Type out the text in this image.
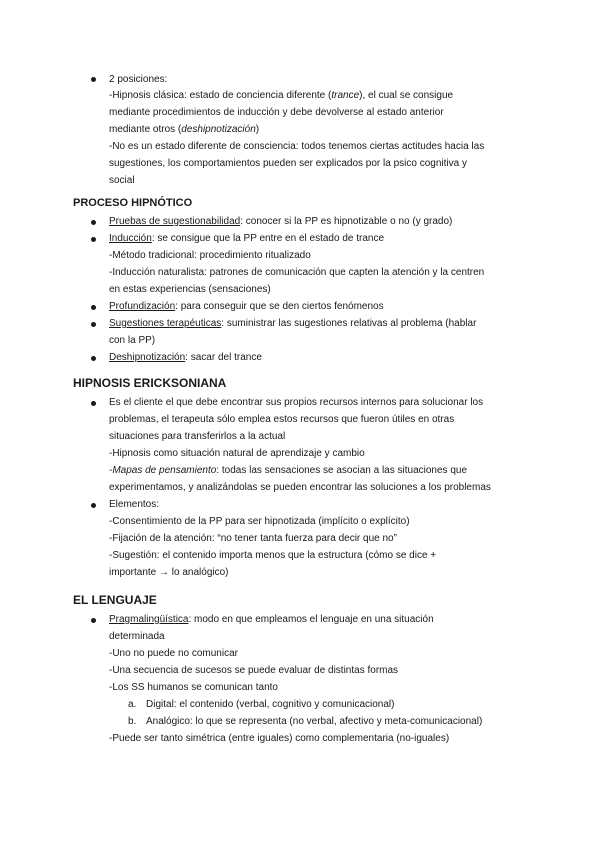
2 posiciones:
-Hipnosis clásica: estado de conciencia diferente (trance), el cual se consigue
mediante procedimientos de inducción y debe devolverse al estado anterior
mediante otros (deshipnotización)
-No es un estado diferente de consciencia: todos tenemos ciertas actitudes hacia las
sugestiones, los comportamientos pueden ser explicados por la psico cognitiva y
social
PROCESO HIPNÓTICO
Pruebas de sugestionabilidad: conocer si la PP es hipnotizable o no (y grado)
Inducción: se consigue que la PP entre en el estado de trance
-Método tradicional: procedimiento ritualizado
-Inducción naturalista: patrones de comunicación que capten la atención y la centren
en estas experiencias (sensaciones)
Profundización: para conseguir que se den ciertos fenómenos
Sugestiones terapéuticas: suministrar las sugestiones relativas al problema (hablar
con la PP)
Deshipnotización: sacar del trance
HIPNOSIS ERICKSONIANA
Es el cliente el que debe encontrar sus propios recursos internos para solucionar los
problemas, el terapeuta sólo emplea estos recursos que fueron útiles en otras
situaciones para transferirlos a la actual
-Hipnosis como situación natural de aprendizaje y cambio
-Mapas de pensamiento: todas las sensaciones se asocian a las situaciones que
experimentamos, y analizándolas se pueden encontrar las soluciones a los problemas
Elementos:
-Consentimiento de la PP para ser hipnotizada (implícito o explícito)
-Fijación de la atención: “no tener tanta fuerza para decir que no”
-Sugestión: el contenido importa menos que la estructura (cómo se dice +
importante → lo analógico)
EL LENGUAJE
Pragmalingüística: modo en que empleamos el lenguaje en una situación
determinada
-Uno no puede no comunicar
-Una secuencia de sucesos se puede evaluar de distintas formas
-Los SS humanos se comunican tanto
a. Digital: el contenido (verbal, cognitivo y comunicacional)
b. Analógico: lo que se representa (no verbal, afectivo y meta-comunicacional)
-Puede ser tanto simétrica (entre iguales) como complementaria (no-iguales)
